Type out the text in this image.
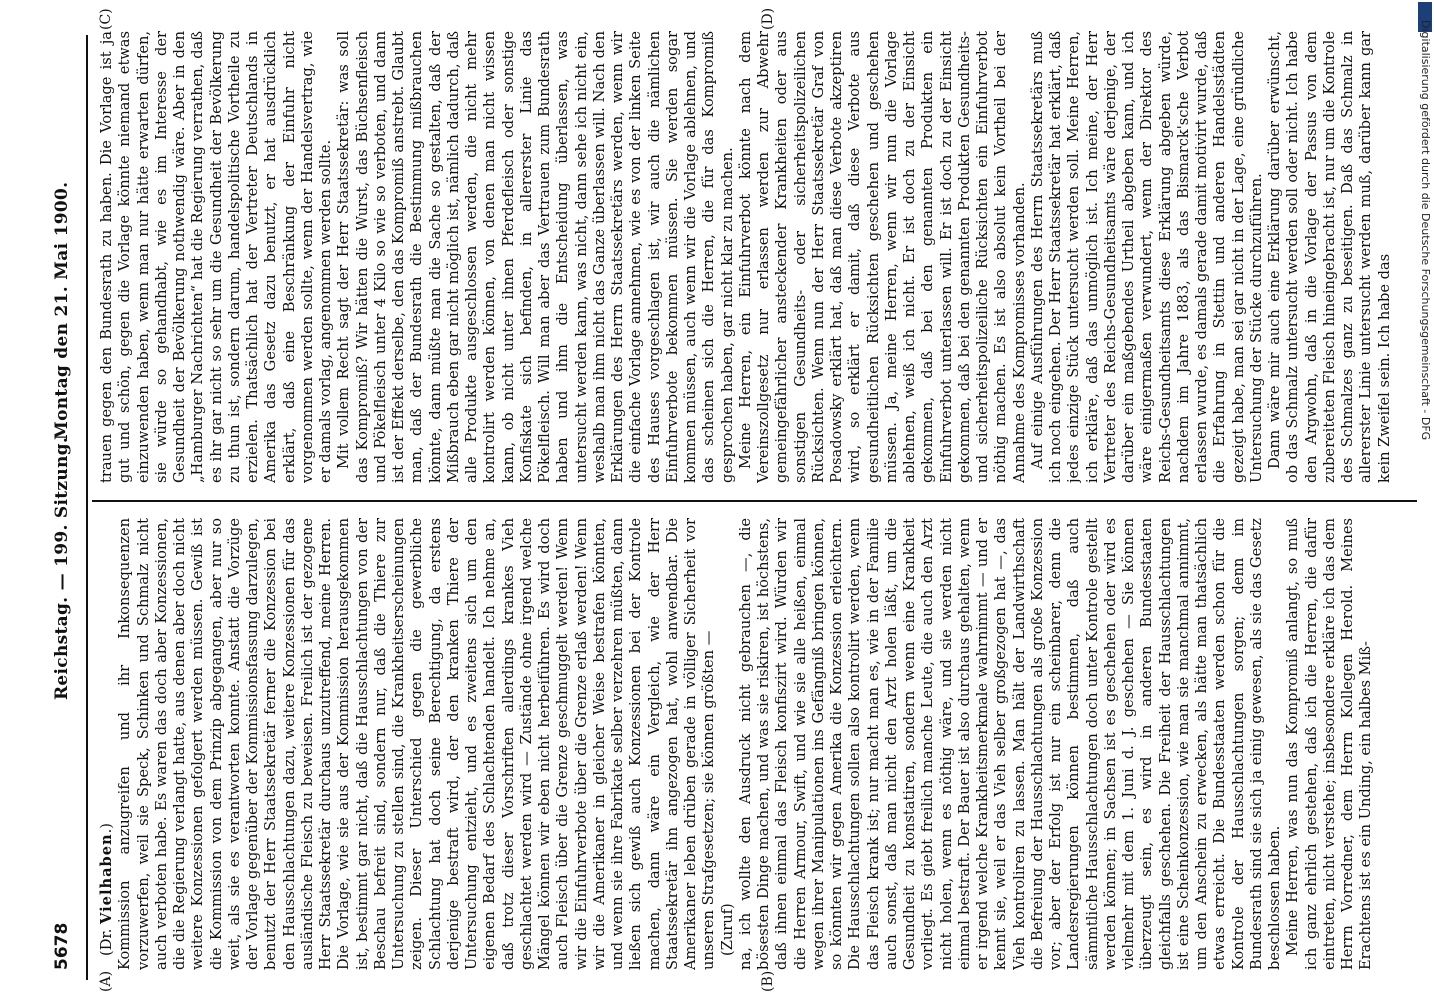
5678
Reichstag. — 199. Sitzung.
Montag den 21. Mai 1900.
(A)	(B)
(C)	(D)

(Dr. Vielhaben.) Kommission anzugreifen und ihr Inkonsequenzen vorzuwerfen, weil sie Speck, Schinken und Schmalz nicht auch verboten habe. Es waren das doch aber Konzessionen, die die Regierung verlangt hatte, aus denen aber doch nicht weitere Konzessionen gefolgert werden müssen. Gewiß ist die Kommission von dem Prinzip abgegangen, aber nur so weit, als sie es verantworten konnte. Anstatt die Vorzüge der Vorlage gegenüber der Kommissionsfassung darzulegen, benutzt der Herr Staatssekretär ferner die Konzession bei den Hausschlachtungen dazu, weitere Konzessionen für das ausländische Fleisch zu beweisen. Freilich ist der gezogene Herr Staatssekretär durchaus unzutreffend, meine Herren. Die Vorlage, wie sie aus der Kommission herausgekommen ist, bestimmt gar nicht, daß die Hausschlachtungen von der Beschau befreit sind, sondern nur, daß die Thiere zur Untersuchung zu stellen sind, die Krankheitserscheinungen zeigen. Dieser Unterschied gegen die gewerbliche Schlachtung hat doch seine Berechtigung, da erstens derjenige bestraft wird, der den kranken Thiere der Untersuchung entzieht, und es zweitens sich um den eigenen Bedarf des Schlachtenden handelt. Ich nehme an, daß trotz dieser Vorschriften allerdings krankes Vieh geschlachtet werden wird — Zustände ohne irgend welche Mängel können wir eben nicht herbeiführen. Es wird doch auch Fleisch über die Grenze geschmuggelt werden! Wenn wir die Einfuhrverbote über die Grenze erlaß werden! Wenn wir die Amerikaner in gleicher Weise bestrafen könnten, und wenn sie ihre Fabrikate selber verzehren müßten, dann ließen sich gewiß auch Konzessionen bei der Kontrole machen, dann wäre ein Vergleich, wie der Herr Staatssekretär ihn angezogen hat, wohl anwendbar. Die Amerikaner leben drüben gerade in völliger Sicherheit vor unseren Strafgesetzen; sie können größten — (Zuruf) na, ich wollte den Ausdruck nicht gebrauchen —, die bösesten Dinge machen, und was sie riskiren, ist höchstens, daß ihnen einmal das Fleisch konfiszirt wird. Würden wir die Herren Armour, Swift, und wie sie alle heißen, einmal wegen ihrer Manipulationen ins Gefängniß bringen können, so könnten wir gegen Amerika die Konzession erleichtern. Die Hausschlachtungen sollen also kontrolirt werden, wenn das Fleisch krank ist; nur macht man es, wie in der Familie auch sonst, daß man nicht den Arzt holen läßt, um die Gesundheit zu konstatiren, sondern wenn eine Krankheit vorliegt. Es giebt freilich manche Leute, die auch den Arzt nicht holen, wenn es nöthig wäre, und sie werden nicht einmal bestraft. Der Bauer ist also durchaus gehalten, wenn er irgend welche Krankheitsmerkmale wahrnimmt — und er kennt sie, weil er das Vieh selber großgezogen hat —, das Vieh kontroliren zu lassen. Man hält der Landwirthschaft die Befreiung der Hausschlachtungen als große Konzession vor; aber der Erfolg ist nur ein scheinbarer, denn die Landesregierungen können bestimmen, daß auch sämmtliche Hausschlachtungen doch unter Kontrole gestellt werden können; in Sachsen ist es geschehen oder wird es vielmehr mit dem 1. Juni d. J. geschehen — Sie können überzeugt sein, es wird in anderen Bundesstaaten gleichfalls geschehen. Die Freiheit der Hausschlachtungen ist eine Scheinkonzession, wie man sie manchmal annimmt, um den Anschein zu erwecken, als hätte man thatsächlich etwas erreicht. Die Bundesstaaten werden schon für die Kontrole der Hausschlachtungen sorgen; denn im Bundesrath sind sie sich ja einig gewesen, als sie das Gesetz beschlossen haben. Meine Herren, was nun das Kompromiß anlangt, so muß ich ganz ehrlich gestehen, daß ich die Herren, die dafür eintreten, nicht verstehe; insbesondere erkläre ich das dem Herrn Vorredner, dem Herrn Kollegen Herold. Meines Erachtens ist es ein Unding, ein halbes Miß-

trauen gegen den Bundesrath zu haben. Die Vorlage ist ja gut und schön, gegen die Vorlage könnte niemand etwas einzuwenden haben, wenn man nur hätte erwarten dürfen, sie würde so gehandhabt, wie es im Interesse der Gesundheit der Bevölkerung nothwendig wäre. Aber in den „Hamburger Nachrichten“ hat die Regierung verrathen, daß es ihr gar nicht so sehr um die Gesundheit der Bevölkerung zu thun ist, sondern darum, handelspolitische Vortheile zu erzielen. Thatsächlich hat der Vertreter Deutschlands in Amerika das Gesetz dazu benutzt, er hat ausdrücklich erklärt, daß eine Beschränkung der Einfuhr nicht vorgenommen werden sollte, wenn der Handelsvertrag, wie er damals vorlag, angenommen werden sollte. Mit vollem Recht sagt der Herr Staatssekretär: was soll das Kompromiß? Wir hätten die Wurst, das Büchsenfleisch und Pökelfleisch unter 4 Kilo so wie so verboten, und dann ist der Effekt derselbe, den das Kompromiß anstrebt. Glaubt man, daß der Bundesrath die Bestimmung mißbrauchen könnte, dann müßte man die Sache so gestalten, daß der Mißbrauch eben gar nicht möglich ist, nämlich dadurch, daß alle Produkte ausgeschlossen werden, die nicht mehr kontrolirt werden können, von denen man nicht wissen kann, ob nicht unter ihnen Pferdefleisch oder sonstige Konfiskate sich befinden, in allererster Linie das Pökelfleisch. Will man aber das Vertrauen zum Bundesrath haben und ihm die Entscheidung überlassen, was untersucht werden kann, was nicht, dann sehe ich nicht ein, weshalb man ihm nicht das Ganze überlassen will. Nach den Erklärungen des Herrn Staatssekretärs werden, wenn wir die einfache Vorlage annehmen, wie es von der linken Seite des Hauses vorgeschlagen ist, wir auch die nämlichen Einfuhrverbote bekommen müssen. Sie werden sogar kommen müssen, auch wenn wir die Vorlage ablehnen, und das scheinen sich die Herren, die für das Kompromiß gesprochen haben, gar nicht klar zu machen. Meine Herren, ein Einfuhrverbot könnte nach dem Vereinszollgesetz nur erlassen werden zur Abwehr gemeingefährlicher ansteckender Krankheiten oder aus sonstigen Gesundheits- oder sicherheitspolizeilichen Rücksichten. Wenn nun der Herr Staatssekretär Graf von Posadowsky erklärt hat, daß man diese Verbote akzeptiren wird, so erklärt er damit, daß diese Verbote aus gesundheitlichen Rücksichten geschehen und geschehen müssen. Ja, meine Herren, wenn wir nun die Vorlage ablehnen, weiß ich nicht. Er ist doch zu der Einsicht gekommen, daß bei den genannten Produkten ein Einfuhrverbot unterlassen will. Er ist doch zu der Einsicht gekommen, daß bei den genannten Produkten Gesundheits- und sicherheitspolizeiliche Rücksichten ein Einfuhrverbot nöthig machen. Es ist also absolut kein Vortheil bei der Annahme des Kompromisses vorhanden. Auf einige Ausführungen des Herrn Staatssekretärs muß ich noch eingehen. Der Herr Staatssekretär hat erklärt, daß jedes einzige Stück untersucht werden soll. Meine Herren, ich erkläre, daß das unmöglich ist. Ich meine, der Herr Vertreter des Reichs-Gesundheitsamts wäre derjenige, der darüber ein maßgebendes Urtheil abgeben kann, und ich wäre einigermaßen verwundert, wenn der Direktor des Reichs-Gesundheitsamts diese Erklärung abgeben würde, nachdem im Jahre 1883, als das Bismarck'sche Verbot erlassen wurde, es damals gerade damit motivirt wurde, daß die Erfahrung in Stettin und anderen Handelsstädten gezeigt habe, man sei gar nicht in der Lage, eine gründliche Untersuchung der Stücke durchzuführen. Dann wäre mir auch eine Erklärung darüber erwünscht, ob das Schmalz untersucht werden soll oder nicht. Ich habe den Argwohn, daß in die Vorlage der Passus von dem zubereiteten Fleisch hineingebracht ist, nur um die Kontrole des Schmalzes ganz zu beseitigen. Daß das Schmalz in allererster Linie untersucht werden muß, darüber kann gar kein Zweifel sein. Ich habe das Digitalisierung gefördert durch die Deutsche Forschungsgemeinschaft - DFG
